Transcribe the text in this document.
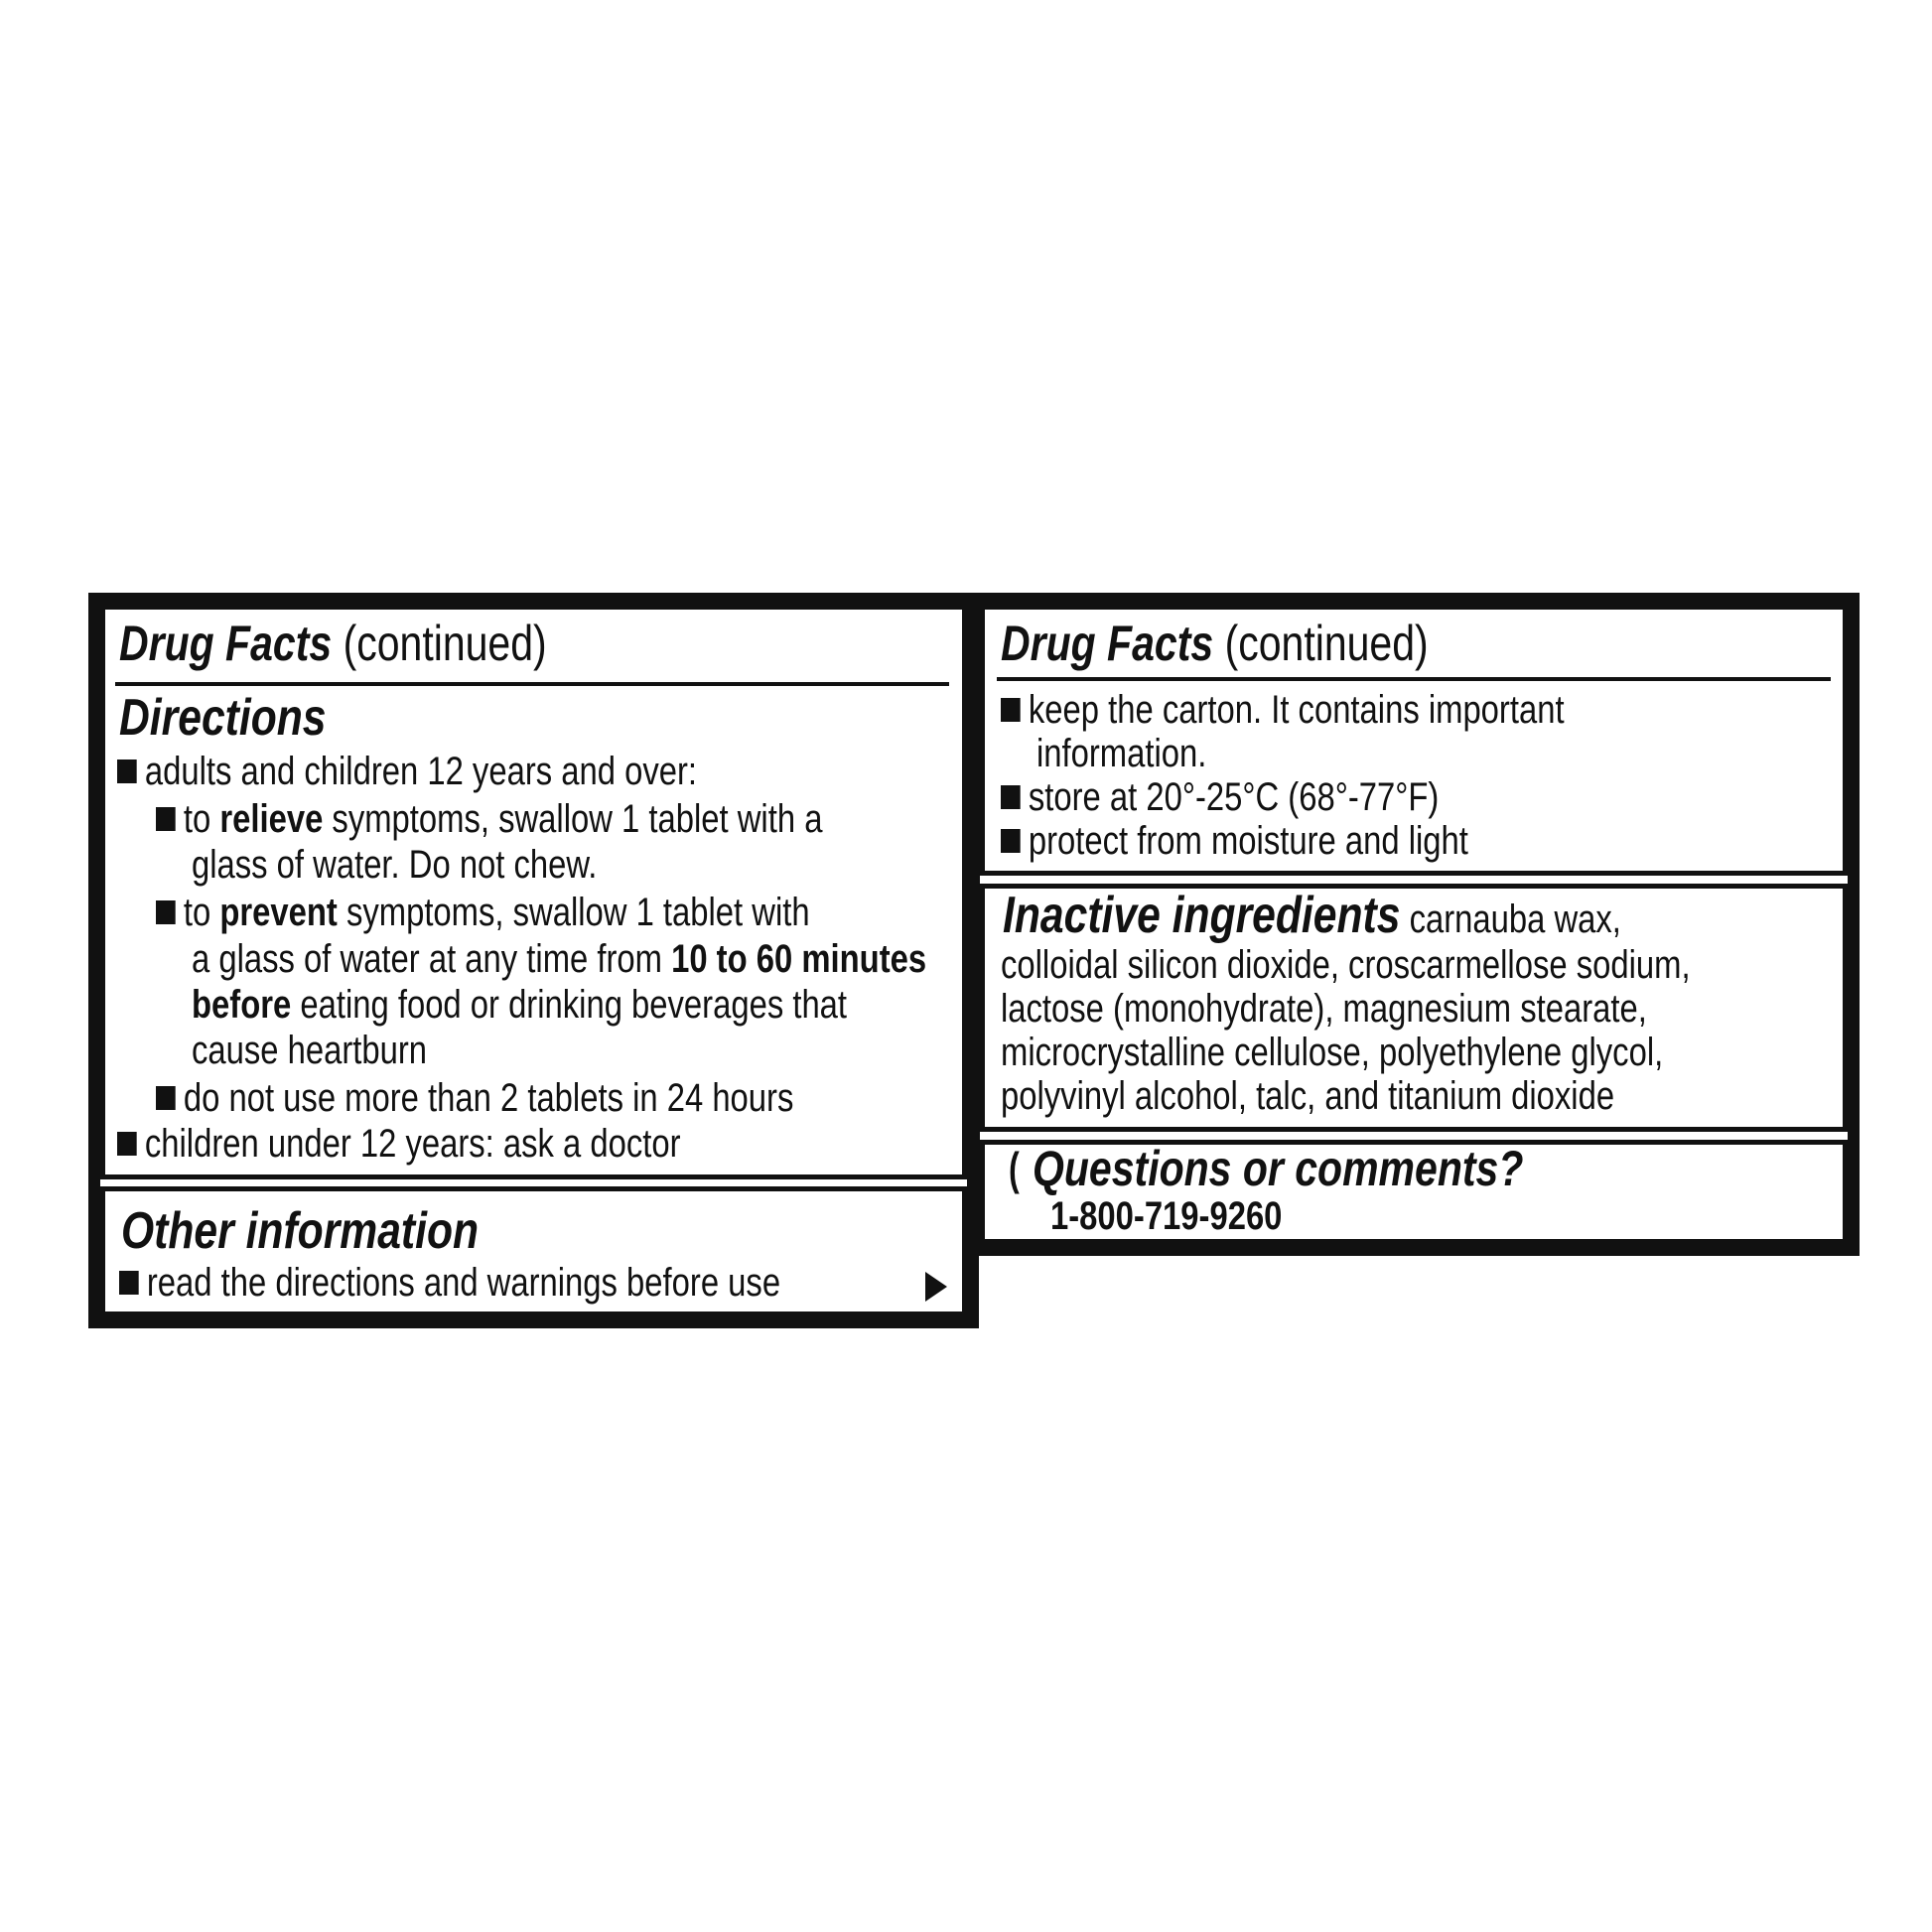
Drug Facts (continued)
Directions
adults and children 12 years and over:
to relieve symptoms, swallow 1 tablet with a
glass of water. Do not chew.
to prevent symptoms, swallow 1 tablet with
a glass of water at any time from 10 to 60 minutes
before eating food or drinking beverages that
cause heartburn
do not use more than 2 tablets in 24 hours
children under 12 years: ask a doctor
Other information
read the directions and warnings before use
Drug Facts (continued)
keep the carton. It contains important
information.
store at 20°-25°C (68°-77°F)
protect from moisture and light
Inactive ingredients carnauba wax,
colloidal silicon dioxide, croscarmellose sodium,
lactose (monohydrate), magnesium stearate,
microcrystalline cellulose, polyethylene glycol,
polyvinyl alcohol, talc, and titanium dioxide
( Questions or comments?
1-800-719-9260
